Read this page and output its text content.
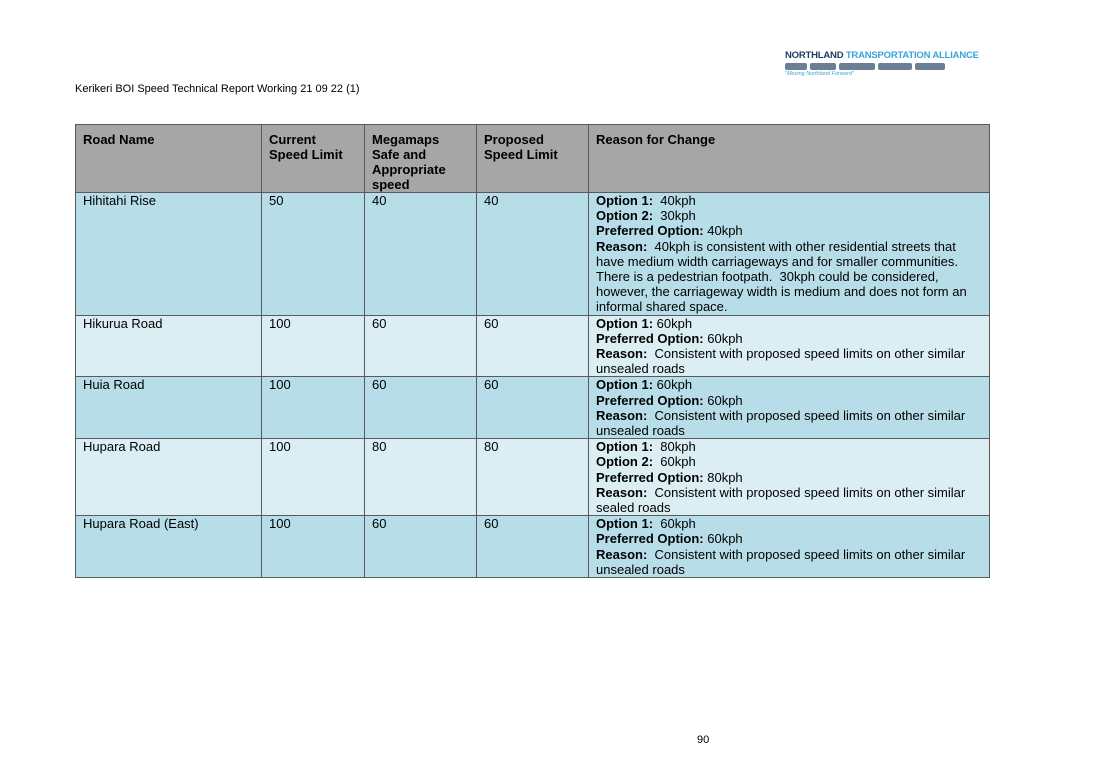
Kerikeri BOI Speed Technical Report Working 21 09 22 (1)
NORTHLAND TRANSPORTATION ALLIANCE
"Moving Northland Forward"
Road Name	Current Speed Limit	Megamaps Safe and Appropriate speed	Proposed Speed Limit	Reason for Change
Hihitahi Rise	50	40	40	Option 1:  40kph
Option 2:  30kph
Preferred Option: 40kph
Reason:  40kph is consistent with other residential streets that have medium width carriageways and for smaller communities. There is a pedestrian footpath.  30kph could be considered, however, the carriageway width is medium and does not form an informal shared space.

Hikurua Road	100	60	60	Option 1: 60kph
Preferred Option: 60kph
Reason:  Consistent with proposed speed limits on other similar unsealed roads

Huia Road	100	60	60	Option 1: 60kph
Preferred Option: 60kph
Reason:  Consistent with proposed speed limits on other similar unsealed roads

Hupara Road	100	80	80	Option 1:  80kph
Option 2:  60kph
Preferred Option: 80kph
Reason:  Consistent with proposed speed limits on other similar sealed roads

Hupara Road (East)	100	60	60	Option 1:  60kph
Preferred Option: 60kph
Reason:  Consistent with proposed speed limits on other similar unsealed roads
90
